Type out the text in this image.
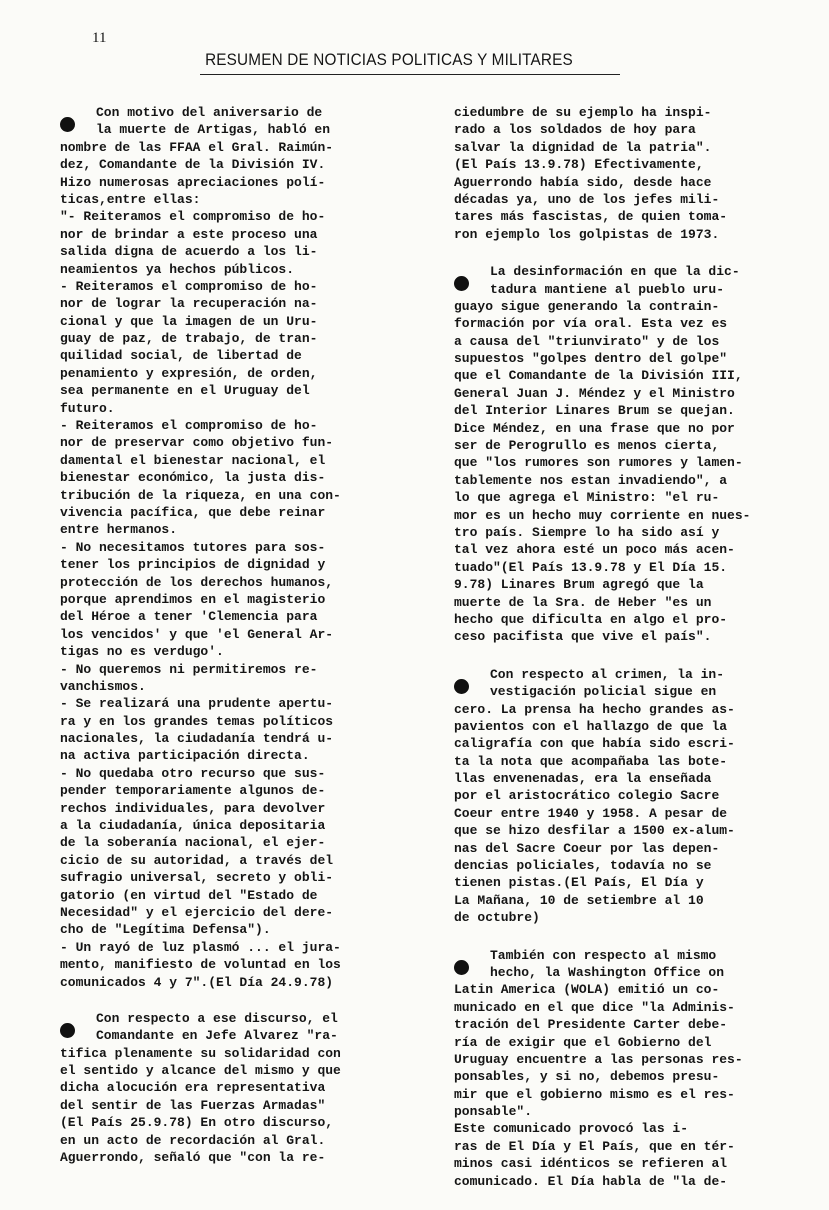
11
RESUMEN DE NOTICIAS POLITICAS Y MILITARES
Con motivo del aniversario de
la muerte de Artigas, habló en
nombre de las FFAA el Gral. Raimún-
dez, Comandante de la División IV.
Hizo numerosas apreciaciones polí-
ticas,entre ellas:
"- Reiteramos el compromiso de ho-
nor de brindar a este proceso una
salida digna de acuerdo a los li-
neamientos ya hechos públicos.
- Reiteramos el compromiso de ho-
nor de lograr la recuperación na-
cional y que la imagen de un Uru-
guay de paz, de trabajo, de tran-
quilidad social, de libertad de
penamiento y expresión, de orden,
sea permanente en el Uruguay del
futuro.
- Reiteramos el compromiso de ho-
nor de preservar como objetivo fun-
damental el bienestar nacional, el
bienestar económico, la justa dis-
tribución de la riqueza, en una con-
vivencia pacífica, que debe reinar
entre hermanos.
- No necesitamos tutores para sos-
tener los principios de dignidad y
protección de los derechos humanos,
porque aprendimos en el magisterio
del Héroe a tener 'Clemencia para
los vencidos' y que 'el General Ar-
tigas no es verdugo'.
- No queremos ni permitiremos re-
vanchismos.
- Se realizará una prudente apertu-
ra y en los grandes temas políticos
nacionales, la ciudadanía tendrá u-
na activa participación directa.
- No quedaba otro recurso que sus-
pender temporariamente algunos de-
rechos individuales, para devolver
a la ciudadanía, única depositaria
de la soberanía nacional, el ejer-
cicio de su autoridad, a través del
sufragio universal, secreto y obli-
gatorio (en virtud del "Estado de
Necesidad" y el ejercicio del dere-
cho de "Legítima Defensa").
- Un rayó de luz plasmó ... el jura-
mento, manifiesto de voluntad en los
comunicados 4 y 7".(El Día 24.9.78)
Con respecto a ese discurso, el
Comandante en Jefe Alvarez "ra-
tifica plenamente su solidaridad con
el sentido y alcance del mismo y que
dicha alocución era representativa
del sentir de las Fuerzas Armadas"
(El País 25.9.78) En otro discurso,
en un acto de recordación al Gral.
Aguerrondo, señaló que "con la re-
ciedumbre de su ejemplo ha inspi-
rado a los soldados de hoy para
salvar la dignidad de la patria".
(El País 13.9.78) Efectivamente,
Aguerrondo había sido, desde hace
décadas ya, uno de los jefes mili-
tares más fascistas, de quien toma-
ron ejemplo los golpistas de 1973.
La desinformación en que la dic-
tadura mantiene al pueblo uru-
guayo sigue generando la contrain-
formación por vía oral. Esta vez es
a causa del "triunvirato" y de los
supuestos "golpes dentro del golpe"
que el Comandante de la División III,
General Juan J. Méndez y el Ministro
del Interior Linares Brum se quejan.
Dice Méndez, en una frase que no por
ser de Perogrullo es menos cierta,
que "los rumores son rumores y lamen-
tablemente nos estan invadiendo", a
lo que agrega el Ministro: "el ru-
mor es un hecho muy corriente en nues-
tro país. Siempre lo ha sido así y
tal vez ahora esté un poco más acen-
tuado"(El País 13.9.78 y El Día 15.
9.78) Linares Brum agregó que la
muerte de la Sra. de Heber "es un
hecho que dificulta en algo el pro-
ceso pacifista que vive el país".
Con respecto al crimen, la in-
vestigación policial sigue en
cero. La prensa ha hecho grandes as-
pavientos con el hallazgo de que la
caligrafía con que había sido escri-
ta la nota que acompañaba las bote-
llas envenenadas, era la enseñada
por el aristocrático colegio Sacre
Coeur entre 1940 y 1958. A pesar de
que se hizo desfilar a 1500 ex-alum-
nas del Sacre Coeur por las depen-
dencias policiales, todavía no se
tienen pistas.(El País, El Día y
La Mañana, 10 de setiembre al 10
de octubre)
También con respecto al mismo
hecho, la Washington Office on
Latin America (WOLA) emitió un co-
municado en el que dice "la Adminis-
tración del Presidente Carter debe-
ría de exigir que el Gobierno del
Uruguay encuentre a las personas res-
ponsables, y si no, debemos presu-
mir que el gobierno mismo es el res-
ponsable".
Este comunicado provocó las i-
ras de El Día y El País, que en tér-
minos casi idénticos se refieren al
comunicado. El Día habla de "la de-
